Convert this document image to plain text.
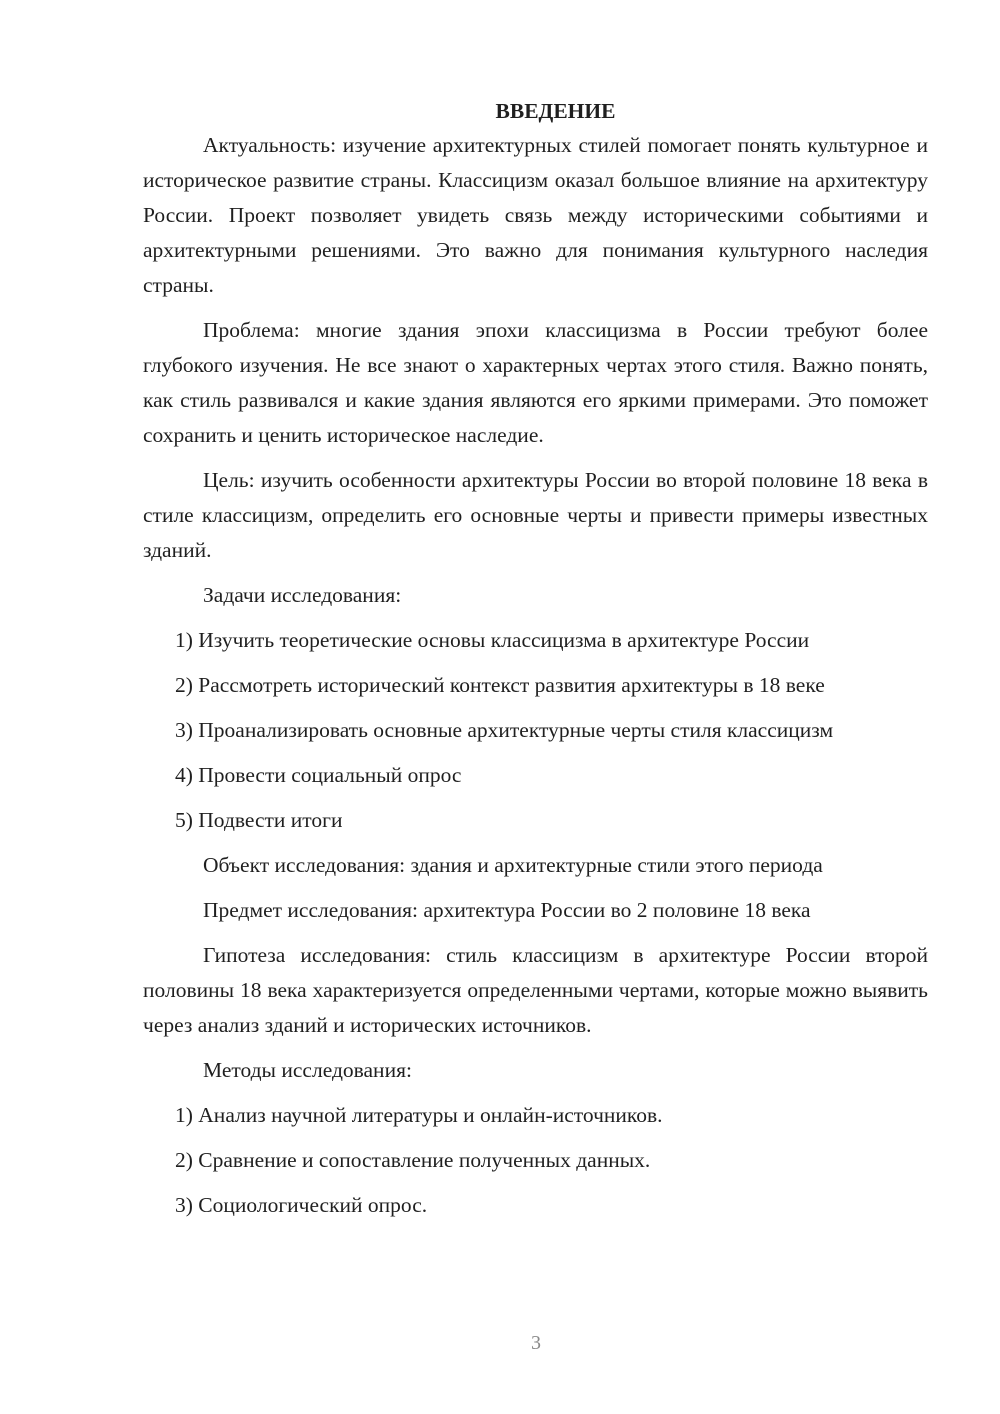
ВВЕДЕНИЕ

Актуальность: изучение архитектурных стилей помогает понять культурное и историческое развитие страны. Классицизм оказал большое влияние на архитектуру России. Проект позволяет увидеть связь между историческими событиями и архитектурными решениями. Это важно для понимания культурного наследия страны.

Проблема: многие здания эпохи классицизма в России требуют более глубокого изучения. Не все знают о характерных чертах этого стиля. Важно понять, как стиль развивался и какие здания являются его яркими примерами. Это поможет сохранить и ценить историческое наследие.

Цель: изучить особенности архитектуры России во второй половине 18 века в стиле классицизм, определить его основные черты и привести примеры известных зданий.

Задачи исследования:
1) Изучить теоретические основы классицизма в архитектуре России
2) Рассмотреть исторический контекст развития архитектуры в 18 веке

3) Проанализировать основные архитектурные черты стиля классицизм

4) Провести социальный опрос
5) Подвести итоги
Объект исследования: здания и архитектурные стили этого периода
Предмет исследования: архитектура России во 2 половине 18 века

Гипотеза исследования: стиль классицизм в архитектуре России второй половины 18 века характеризуется определенными чертами, которые можно выявить через анализ зданий и исторических источников.

Методы исследования:
1) Анализ научной литературы и онлайн-источников.
2) Сравнение и сопоставление полученных данных.
3) Социологический опрос.
3
